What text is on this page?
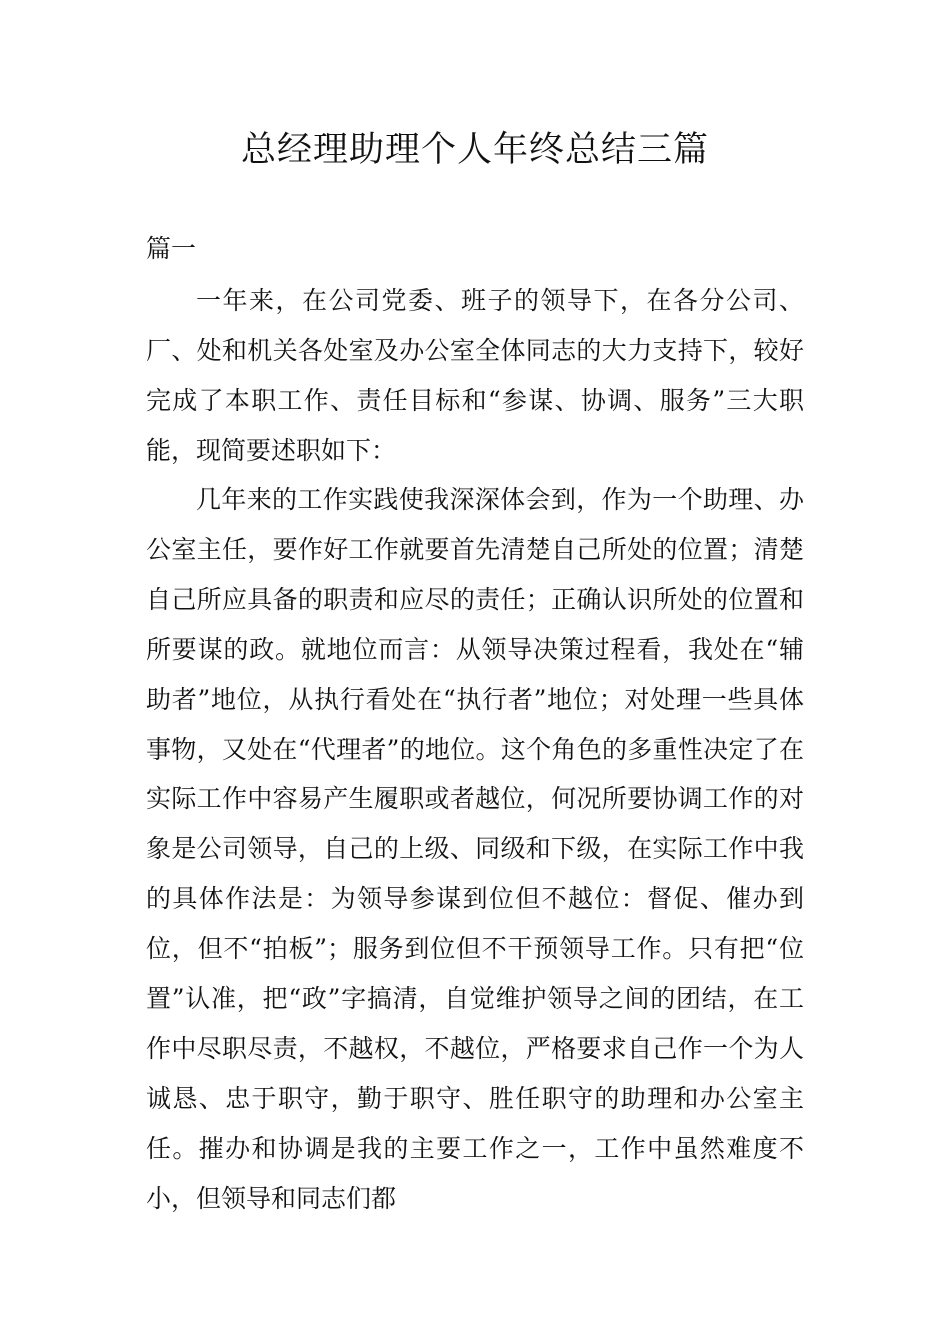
总经理助理个人年终总结三篇

篇一

一年来，在公司党委、班子的领导下，在各分公司、厂、处和机关各处室及办公室全体同志的大力支持下，较好完成了本职工作、责任目标和“参谋、协调、服务”三大职能，现简要述职如下：

几年来的工作实践使我深深体会到，作为一个助理、办公室主任，要作好工作就要首先清楚自己所处的位置；清楚自己所应具备的职责和应尽的责任；正确认识所处的位置和所要谋的政。就地位而言：从领导决策过程看，我处在“辅助者”地位，从执行看处在“执行者”地位；对处理一些具体事物，又处在“代理者”的地位。这个角色的多重性决定了在实际工作中容易产生履职或者越位，何况所要协调工作的对象是公司领导，自己的上级、同级和下级，在实际工作中我的具体作法是：为领导参谋到位但不越位：督促、催办到位，但不“拍板”；服务到位但不干预领导工作。只有把“位置”认准，把“政”字搞清，自觉维护领导之间的团结，在工作中尽职尽责，不越权，不越位，严格要求自己作一个为人诚恳、忠于职守，勤于职守、胜任职守的助理和办公室主任。摧办和协调是我的主要工作之一，工作中虽然难度不小，但领导和同志们都
